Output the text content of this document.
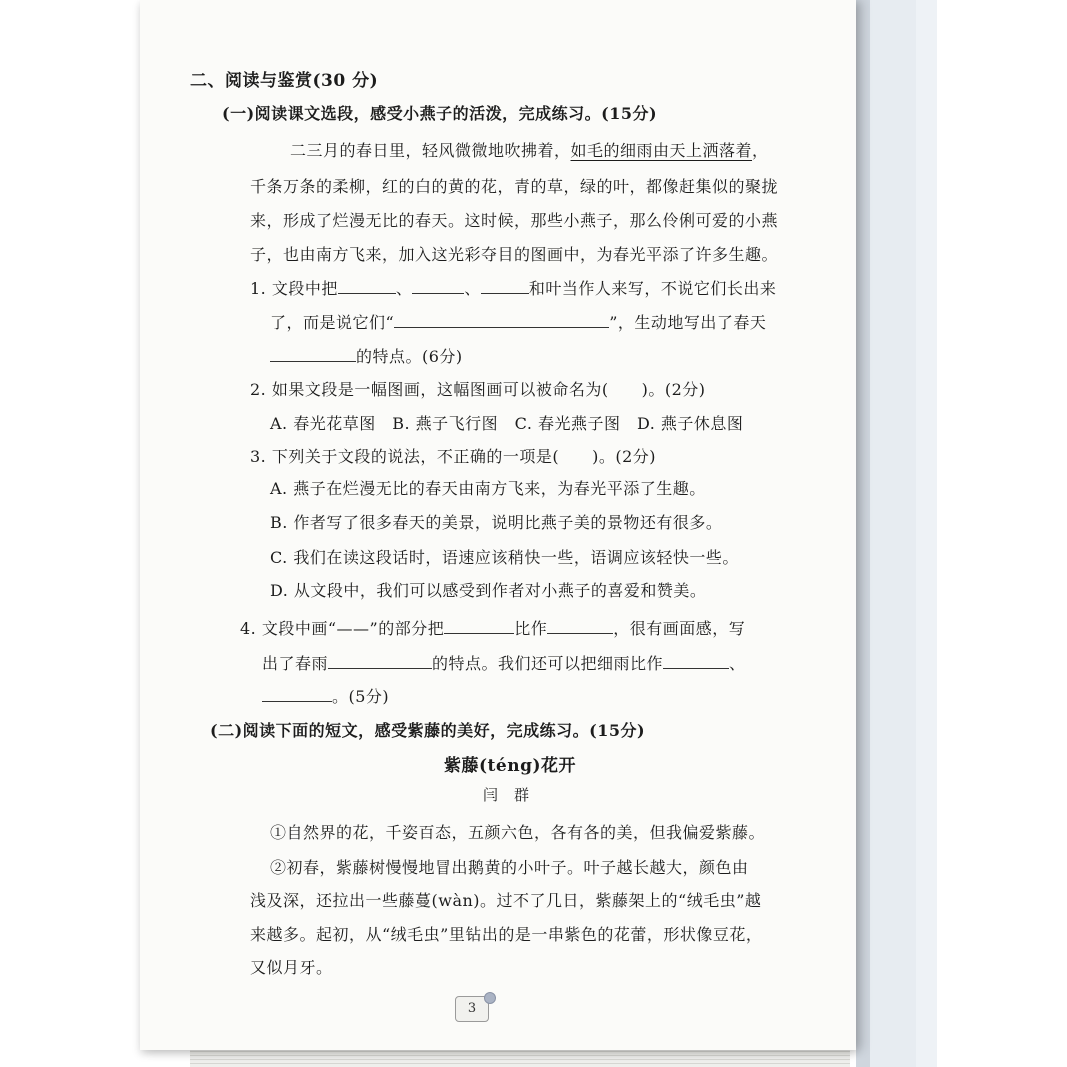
二、阅读与鉴赏(30 分)
(一)阅读课文选段，感受小燕子的活泼，完成练习。(15分)
二三月的春日里，轻风微微地吹拂着，如毛的细雨由天上洒落着，
千条万条的柔柳，红的白的黄的花，青的草，绿的叶，都像赶集似的聚拢
来，形成了烂漫无比的春天。这时候，那些小燕子，那么伶俐可爱的小燕
子，也由南方飞来，加入这光彩夺目的图画中，为春光平添了许多生趣。
1. 文段中把	、	、	和叶当作人来写，不说它们长出来
了，而是说它们“	”，生动地写出了春天
的特点。(6分)
2. 如果文段是一幅图画，这幅图画可以被命名为(　　)。(2分)
A. 春光花草图　B. 燕子飞行图　C. 春光燕子图　D. 燕子休息图
3. 下列关于文段的说法，不正确的一项是(　　)。(2分)
A. 燕子在烂漫无比的春天由南方飞来，为春光平添了生趣。
B. 作者写了很多春天的美景，说明比燕子美的景物还有很多。
C. 我们在读这段话时，语速应该稍快一些，语调应该轻快一些。
D. 从文段中，我们可以感受到作者对小燕子的喜爱和赞美。
4. 文段中画“——”的部分把	比作	，很有画面感，写
出了春雨	的特点。我们还可以把细雨比作	、
。(5分)
(二)阅读下面的短文，感受紫藤的美好，完成练习。(15分)
紫藤(téng)花开
闫　群
①自然界的花，千姿百态，五颜六色，各有各的美，但我偏爱紫藤。
②初春，紫藤树慢慢地冒出鹅黄的小叶子。叶子越长越大，颜色由
浅及深，还拉出一些藤蔓(wàn)。过不了几日，紫藤架上的“绒毛虫”越
来越多。起初，从“绒毛虫”里钻出的是一串紫色的花蕾，形状像豆花，
又似月牙。
3
